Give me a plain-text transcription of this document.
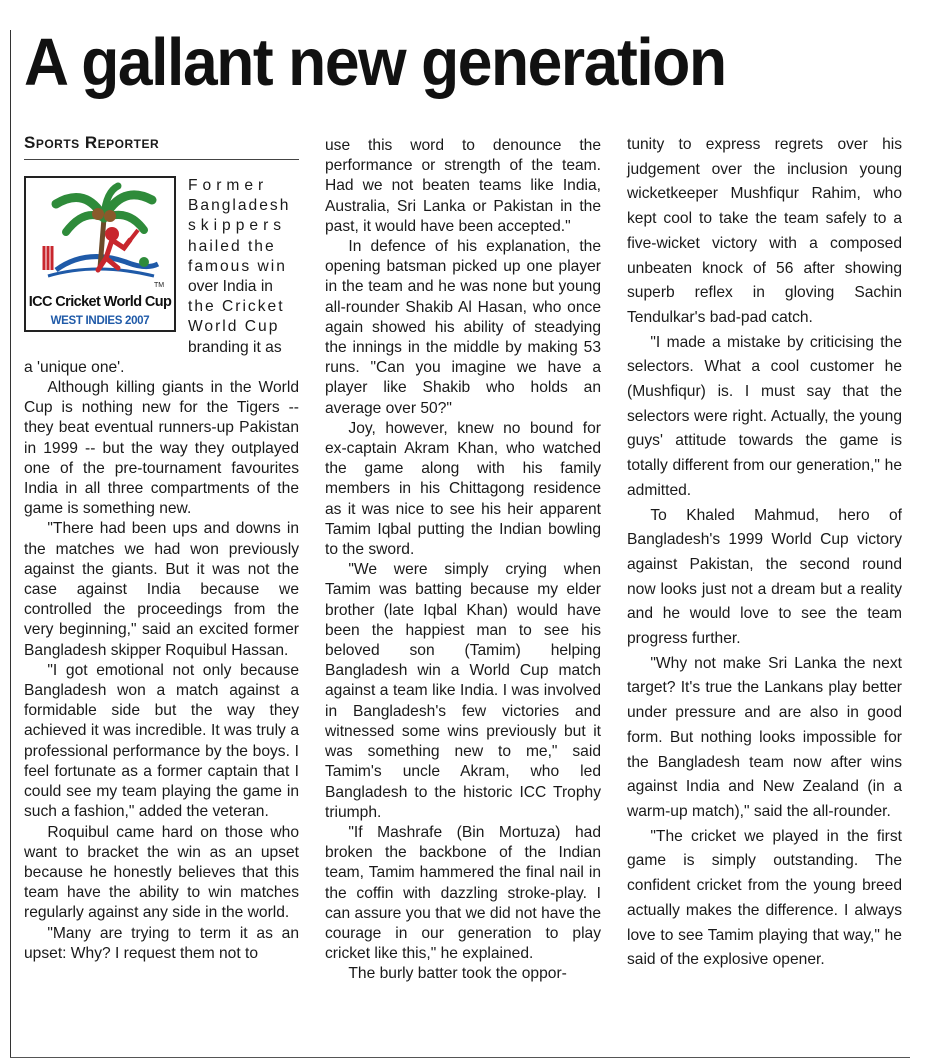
A gallant new generation
Sports Reporter
TM
ICC Cricket World Cup
WEST INDIES 2007
Former
Bangladesh
skippers
hailed the
famous win
over India in
the Cricket
World Cup
branding it as
a 'unique one'.

Although killing giants in the World Cup is nothing new for the Tigers -- they beat eventual runners-up Pakistan in 1999 -- but the way they outplayed one of the pre-tournament favourites India in all three compartments of the game is something new.

"There had been ups and downs in the matches we had won previously against the giants. But it was not the case against India because we controlled the proceedings from the very beginning," said an excited former Bangladesh skipper Roquibul Hassan.

"I got emotional not only because Bangladesh won a match against a formidable side but the way they achieved it was incredible. It was truly a professional performance by the boys. I feel fortunate as a former captain that I could see my team playing the game in such a fashion," added the veteran.

Roquibul came hard on those who want to bracket the win as an upset because he honestly believes that this team have the ability to win matches regularly against any side in the world.

"Many are trying to term it as an upset: Why? I request them not to

use this word to denounce the performance or strength of the team. Had we not beaten teams like India, Australia, Sri Lanka or Pakistan in the past, it would have been accepted."

In defence of his explanation, the opening batsman picked up one player in the team and he was none but young all-rounder Shakib Al Hasan, who once again showed his ability of steadying the innings in the middle by making 53 runs. "Can you imagine we have a player like Shakib who holds an average over 50?"

Joy, however, knew no bound for ex-captain Akram Khan, who watched the game along with his family members in his Chittagong residence as it was nice to see his heir apparent Tamim Iqbal putting the Indian bowling to the sword.

"We were simply crying when Tamim was batting because my elder brother (late Iqbal Khan) would have been the happiest man to see his beloved son (Tamim) helping Bangladesh win a World Cup match against a team like India. I was involved in Bangladesh's few victories and witnessed some wins previously but it was something new to me," said Tamim's uncle Akram, who led Bangladesh to the historic ICC Trophy triumph.

"If Mashrafe (Bin Mortuza) had broken the backbone of the Indian team, Tamim hammered the final nail in the coffin with dazzling stroke-play. I can assure you that we did not have the courage in our generation to play cricket like this," he explained.

The burly batter took the oppor-

tunity to express regrets over his judgement over the inclusion young wicketkeeper Mushfiqur Rahim, who kept cool to take the team safely to a five-wicket victory with a composed unbeaten knock of 56 after showing superb reflex in gloving Sachin Tendulkar's bad-pad catch.

"I made a mistake by criticising the selectors. What a cool customer he (Mushfiqur) is. I must say that the selectors were right. Actually, the young guys' attitude towards the game is totally different from our generation," he admitted.

To Khaled Mahmud, hero of Bangladesh's 1999 World Cup victory against Pakistan, the second round now looks just not a dream but a reality and he would love to see the team progress further.

"Why not make Sri Lanka the next target? It's true the Lankans play better under pressure and are also in good form. But nothing looks impossible for the Bangladesh team now after wins against India and New Zealand (in a warm-up match)," said the all-rounder.

"The cricket we played in the first game is simply outstanding. The confident cricket from the young breed actually makes the difference. I always love to see Tamim playing that way," he said of the explosive opener.
